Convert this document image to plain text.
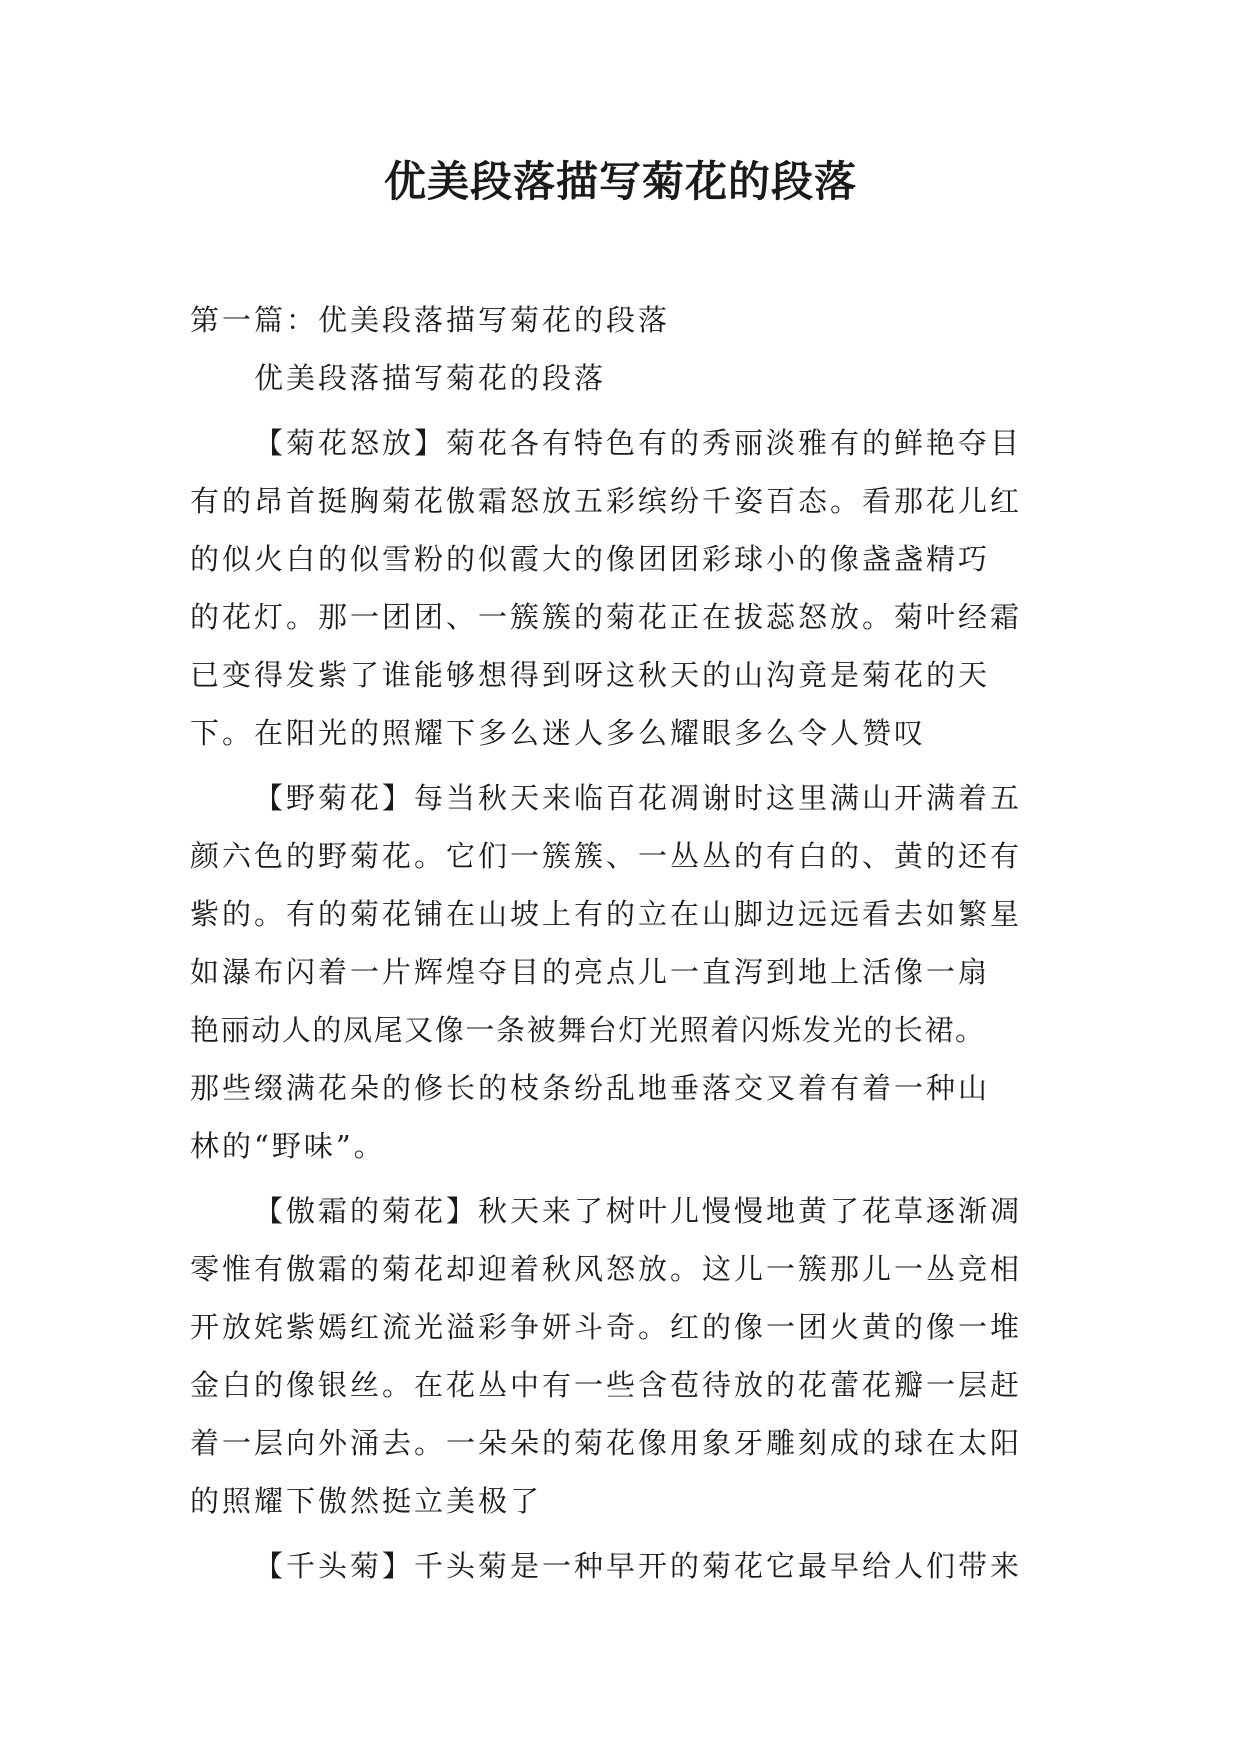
优美段落描写菊花的段落
第一篇：优美段落描写菊花的段落
优美段落描写菊花的段落
【菊花怒放】菊花各有特色有的秀丽淡雅有的鲜艳夺目
有的昂首挺胸菊花傲霜怒放五彩缤纷千姿百态。看那花儿红
的似火白的似雪粉的似霞大的像团团彩球小的像盏盏精巧
的花灯。那一团团、一簇簇的菊花正在拔蕊怒放。菊叶经霜
已变得发紫了谁能够想得到呀这秋天的山沟竟是菊花的天
下。在阳光的照耀下多么迷人多么耀眼多么令人赞叹
【野菊花】每当秋天来临百花凋谢时这里满山开满着五
颜六色的野菊花。它们一簇簇、一丛丛的有白的、黄的还有
紫的。有的菊花铺在山坡上有的立在山脚边远远看去如繁星
如瀑布闪着一片辉煌夺目的亮点儿一直泻到地上活像一扇
艳丽动人的凤尾又像一条被舞台灯光照着闪烁发光的长裙。
那些缀满花朵的修长的枝条纷乱地垂落交叉着有着一种山
林的“野味”。
【傲霜的菊花】秋天来了树叶儿慢慢地黄了花草逐渐凋
零惟有傲霜的菊花却迎着秋风怒放。这儿一簇那儿一丛竞相
开放姹紫嫣红流光溢彩争妍斗奇。红的像一团火黄的像一堆
金白的像银丝。在花丛中有一些含苞待放的花蕾花瓣一层赶
着一层向外涌去。一朵朵的菊花像用象牙雕刻成的球在太阳
的照耀下傲然挺立美极了
【千头菊】千头菊是一种早开的菊花它最早给人们带来
